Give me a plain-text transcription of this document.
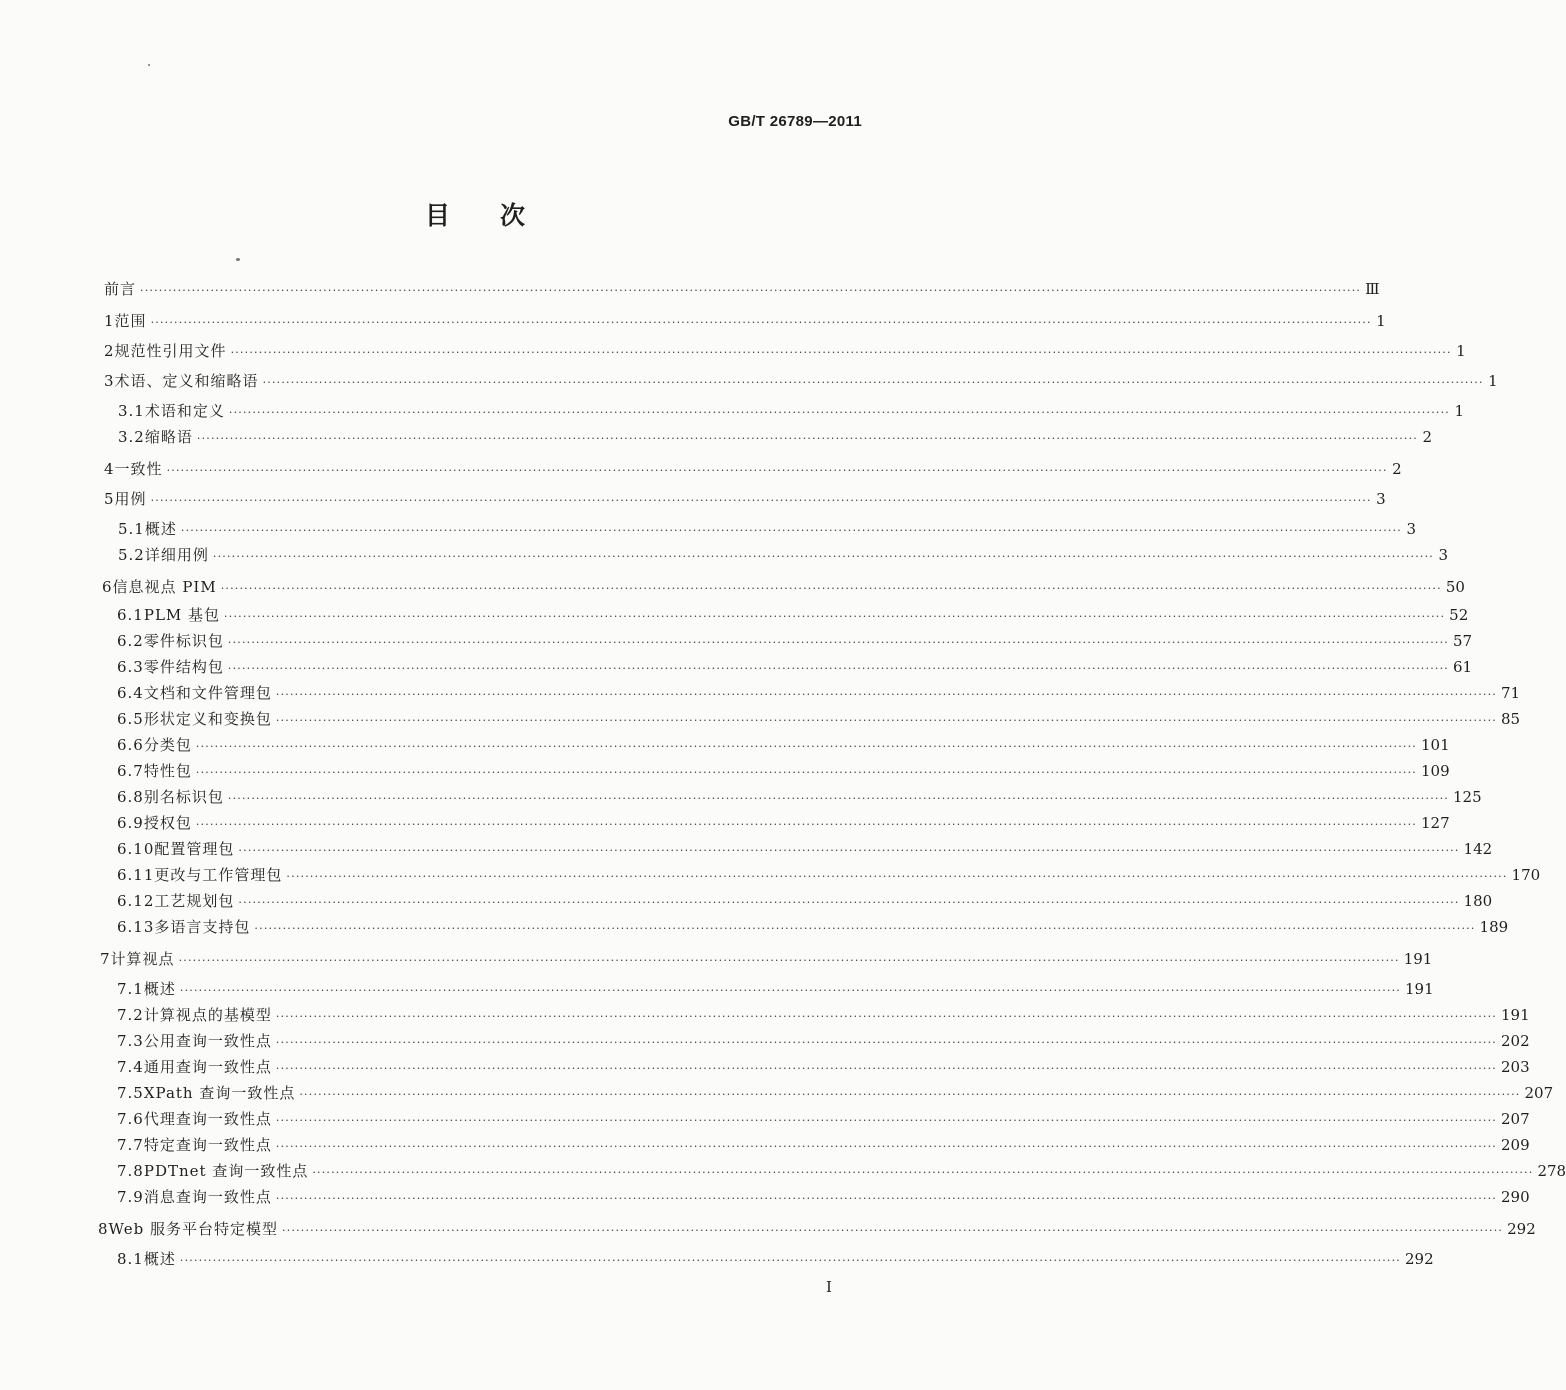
GB/T 26789—2011
目 次
前言 ···································································································································································································································································· Ⅲ
1 范围 ···································································································································································································································································· 1
2 规范性引用文件 ···································································································································································································································································· 1
3 术语、定义和缩略语 ···································································································································································································································································· 1
3.1 术语和定义 ···································································································································································································································································· 1
3.2 缩略语 ···································································································································································································································································· 2
4 一致性 ···································································································································································································································································· 2
5 用例 ···································································································································································································································································· 3
5.1 概述 ···································································································································································································································································· 3
5.2 详细用例 ···································································································································································································································································· 3
6 信息视点 PIM ···································································································································································································································································· 50
6.1 PLM 基包 ···································································································································································································································································· 52
6.2 零件标识包 ···································································································································································································································································· 57
6.3 零件结构包 ···································································································································································································································································· 61
6.4 文档和文件管理包 ···································································································································································································································································· 71
6.5 形状定义和变换包 ···································································································································································································································································· 85
6.6 分类包 ···································································································································································································································································· 101
6.7 特性包 ···································································································································································································································································· 109
6.8 别名标识包 ···································································································································································································································································· 125
6.9 授权包 ···································································································································································································································································· 127
6.10 配置管理包 ···································································································································································································································································· 142
6.11 更改与工作管理包 ···································································································································································································································································· 170
6.12 工艺规划包 ···································································································································································································································································· 180
6.13 多语言支持包 ···································································································································································································································································· 189
7 计算视点 ···································································································································································································································································· 191
7.1 概述 ···································································································································································································································································· 191
7.2 计算视点的基模型 ···································································································································································································································································· 191
7.3 公用查询一致性点 ···································································································································································································································································· 202
7.4 通用查询一致性点 ···································································································································································································································································· 203
7.5 XPath 查询一致性点 ···································································································································································································································································· 207
7.6 代理查询一致性点 ···································································································································································································································································· 207
7.7 特定查询一致性点 ···································································································································································································································································· 209
7.8 PDTnet 查询一致性点 ···································································································································································································································································· 278
7.9 消息查询一致性点 ···································································································································································································································································· 290
8 Web 服务平台特定模型 ···································································································································································································································································· 292
8.1 概述 ···································································································································································································································································· 292
I
